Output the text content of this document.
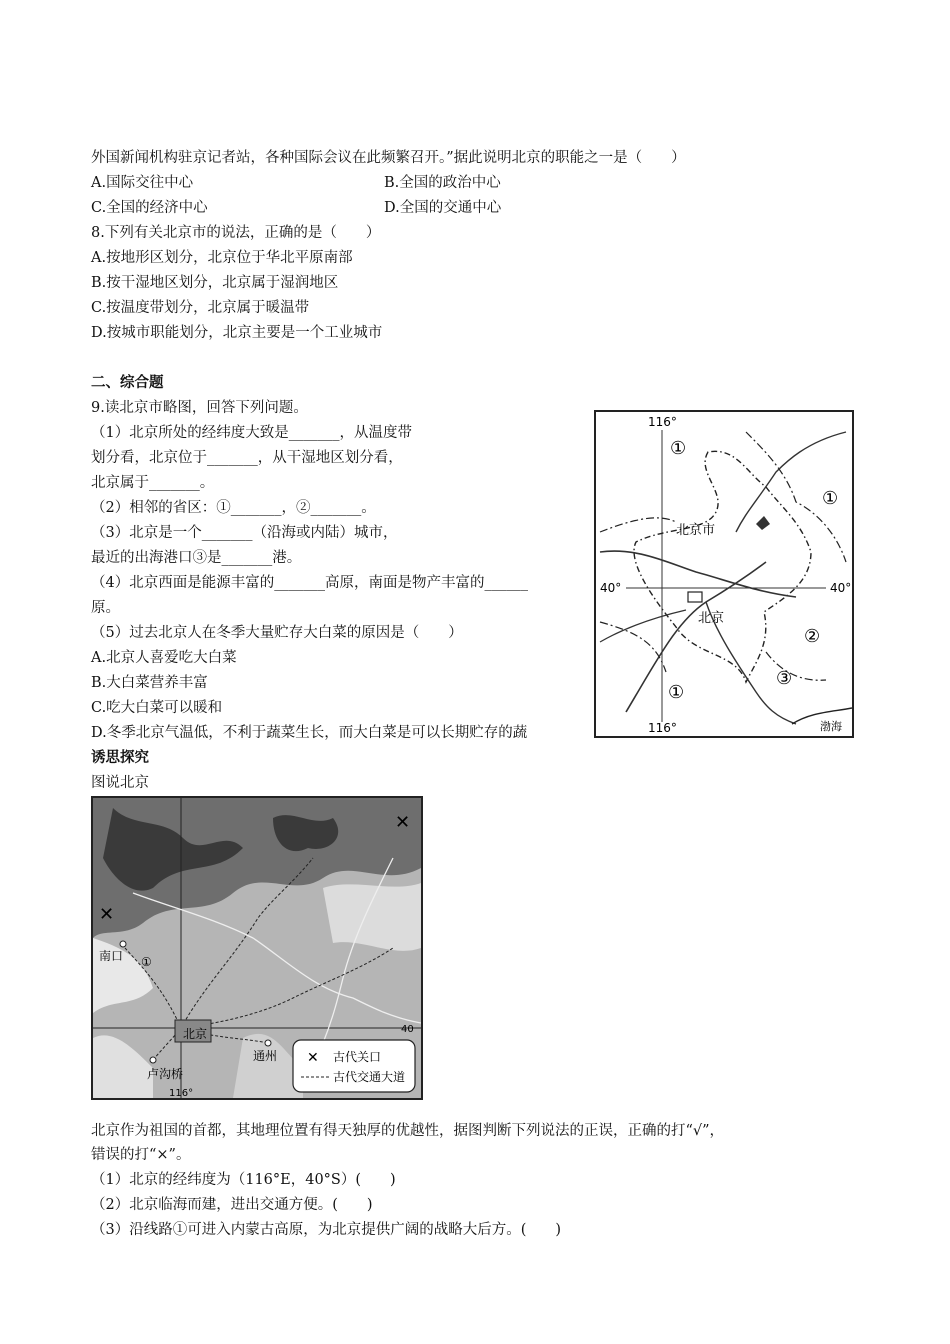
外国新闻机构驻京记者站，各种国际会议在此频繁召开。”据此说明北京的职能之一是（　　）
A.国际交往中心	B.全国的政治中心
C.全国的经济中心	D.全国的交通中心
8.下列有关北京市的说法，正确的是（　　）
A.按地形区划分，北京位于华北平原南部
B.按干湿地区划分，北京属于湿润地区
C.按温度带划分，北京属于暖温带
D.按城市职能划分，北京主要是一个工业城市
二、综合题
9.读北京市略图，回答下列问题。
（1）北京所处的经纬度大致是_______，从温度带
划分看，北京位于_______，从干湿地区划分看，
北京属于_______。
（2）相邻的省区：①_______，②_______。
（3）北京是一个_______（沿海或内陆）城市，
最近的出海港口③是_______港。
（4）北京西面是能源丰富的_______高原，南面是物产丰富的______
原。
（5）过去北京人在冬季大量贮存大白菜的原因是（　　）
A.北京人喜爱吃大白菜
B.大白菜营养丰富
C.吃大白菜可以暖和
D.冬季北京气温低，不利于蔬菜生长，而大白菜是可以长期贮存的蔬
116°
116°
40°	40°
北京市
北京
①
①
①
②
③
渤海
诱思探究
图说北京
✕
✕
南口 ①
北京
通州
卢沟桥
40
116°
✕ 古代关口
古代交通大道
北京作为祖国的首都，其地理位置有得天独厚的优越性，据图判断下列说法的正误，正确的打“√”，
错误的打“×”。
（1）北京的经纬度为（116°E，40°S）(　　)
（2）北京临海而建，进出交通方便。(　　)
（3）沿线路①可进入内蒙古高原，为北京提供广阔的战略大后方。(　　)
